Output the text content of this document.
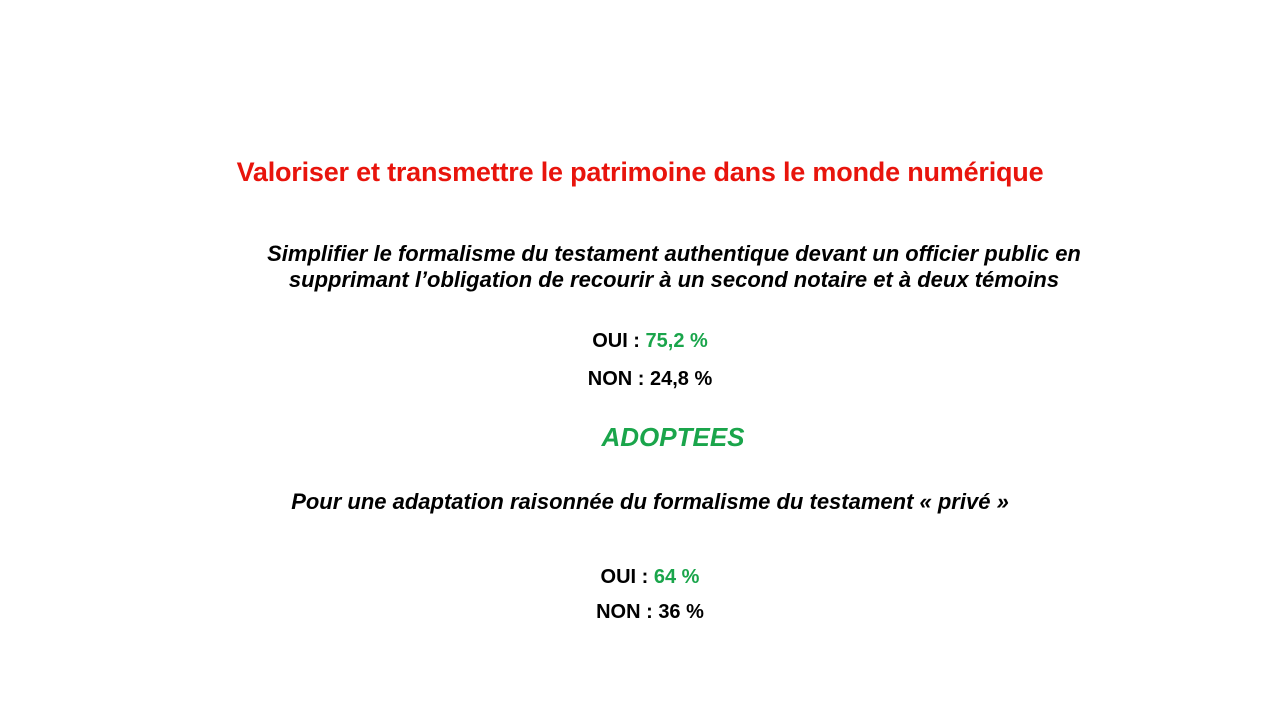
Valoriser et transmettre le patrimoine dans le monde numérique
Simplifier le formalisme du testament authentique devant un officier public en
supprimant l’obligation de recourir à un second notaire et à deux témoins
OUI : 75,2 %
NON : 24,8 %
ADOPTEES
Pour une adaptation raisonnée du formalisme du testament « privé »
OUI : 64 %
NON : 36 %
